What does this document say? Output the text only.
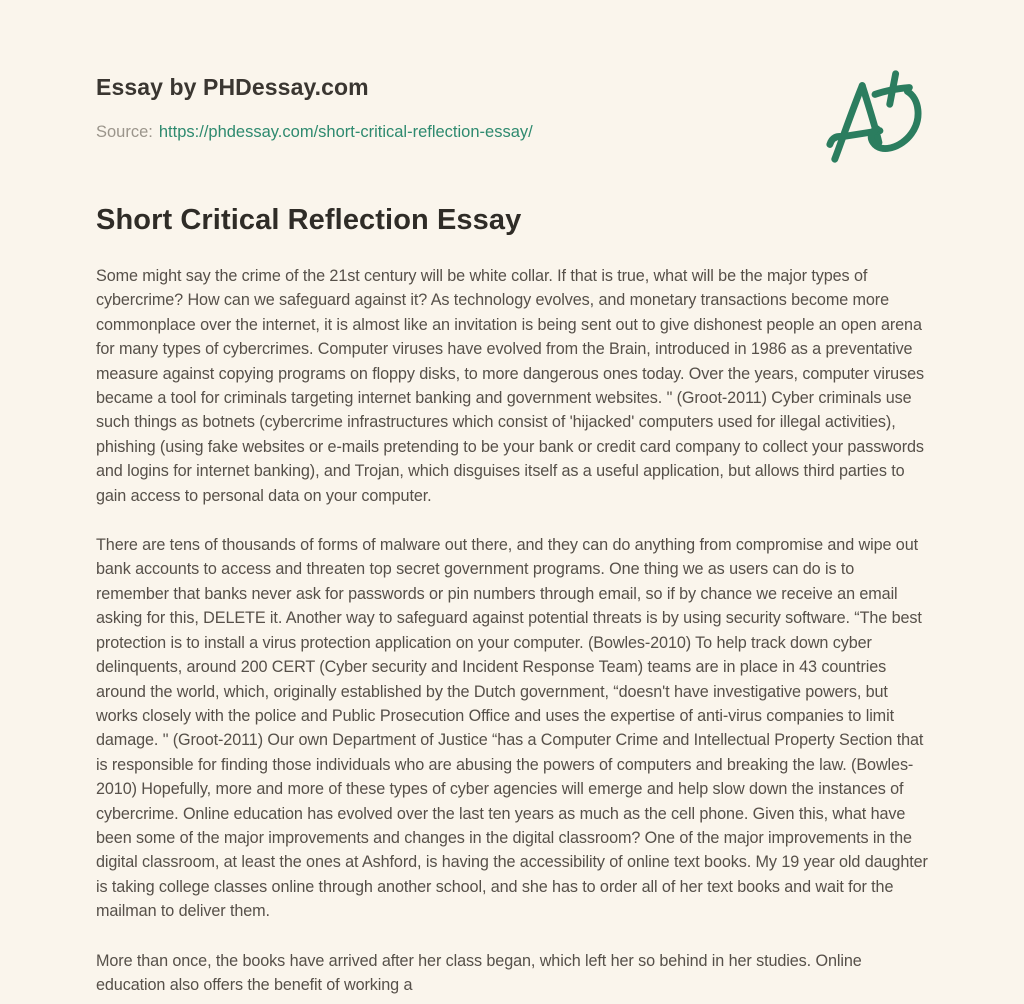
Essay by PHDessay.com
Source: https://phdessay.com/short-critical-reflection-essay/
Short Critical Reflection Essay

Some might say the crime of the 21st century will be white collar. If that is true, what will be the major types of cybercrime? How can we safeguard against it? As technology evolves, and monetary transactions become more commonplace over the internet, it is almost like an invitation is being sent out to give dishonest people an open arena for many types of cybercrimes. Computer viruses have evolved from the Brain, introduced in 1986 as a preventative measure against copying programs on floppy disks, to more dangerous ones today. Over the years, computer viruses became a tool for criminals targeting internet banking and government websites. " (Groot-2011) Cyber criminals use such things as botnets (cybercrime infrastructures which consist of 'hijacked' computers used for illegal activities), phishing (using fake websites or e-mails pretending to be your bank or credit card company to collect your passwords and logins for internet banking), and Trojan, which disguises itself as a useful application, but allows third parties to gain access to personal data on your computer.

There are tens of thousands of forms of malware out there, and they can do anything from compromise and wipe out bank accounts to access and threaten top secret government programs. One thing we as users can do is to remember that banks never ask for passwords or pin numbers through email, so if by chance we receive an email asking for this, DELETE it. Another way to safeguard against potential threats is by using security software. “The best protection is to install a virus protection application on your computer. (Bowles-2010) To help track down cyber delinquents, around 200 CERT (Cyber security and Incident Response Team) teams are in place in 43 countries around the world, which, originally established by the Dutch government, “doesn't have investigative powers, but works closely with the police and Public Prosecution Office and uses the expertise of anti-virus companies to limit damage. " (Groot-2011) Our own Department of Justice “has a Computer Crime and Intellectual Property Section that is responsible for finding those individuals who are abusing the powers of computers and breaking the law. (Bowles-2010) Hopefully, more and more of these types of cyber agencies will emerge and help slow down the instances of cybercrime. Online education has evolved over the last ten years as much as the cell phone. Given this, what have been some of the major improvements and changes in the digital classroom? One of the major improvements in the digital classroom, at least the ones at Ashford, is having the accessibility of online text books. My 19 year old daughter is taking college classes online through another school, and she has to order all of her text books and wait for the mailman to deliver them.

More than once, the books have arrived after her class began, which left her so behind in her studies. Online education also offers the benefit of working a
